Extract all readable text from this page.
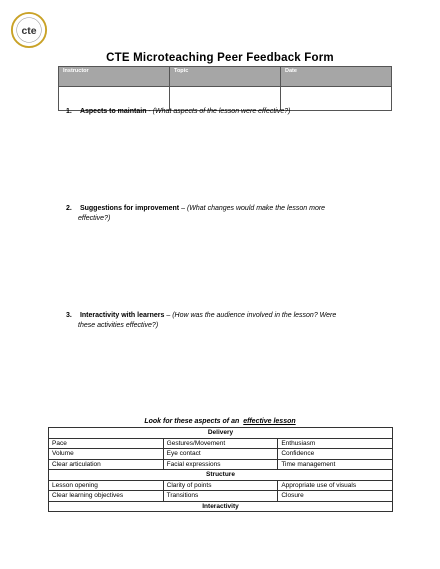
cte
CTE Microteaching Peer Feedback Form
Instructor	Topic	Date

1. Aspects to maintain - (What aspects of the lesson were effective?)
2. Suggestions for improvement – (What changes would make the lesson more
effective?)
3. Interactivity with learners – (How was the audience involved in the lesson? Were
these activities effective?)
Look for these aspects of an effective lesson
Delivery		
Pace	Gestures/Movement	Enthusiasm
Volume	Eye contact	Confidence
Clear articulation	Facial expressions	Time management
Structure		
Lesson opening	Clarity of points	Appropriate use of visuals
Clear learning objectives	Transitions	Closure
Interactivity		
